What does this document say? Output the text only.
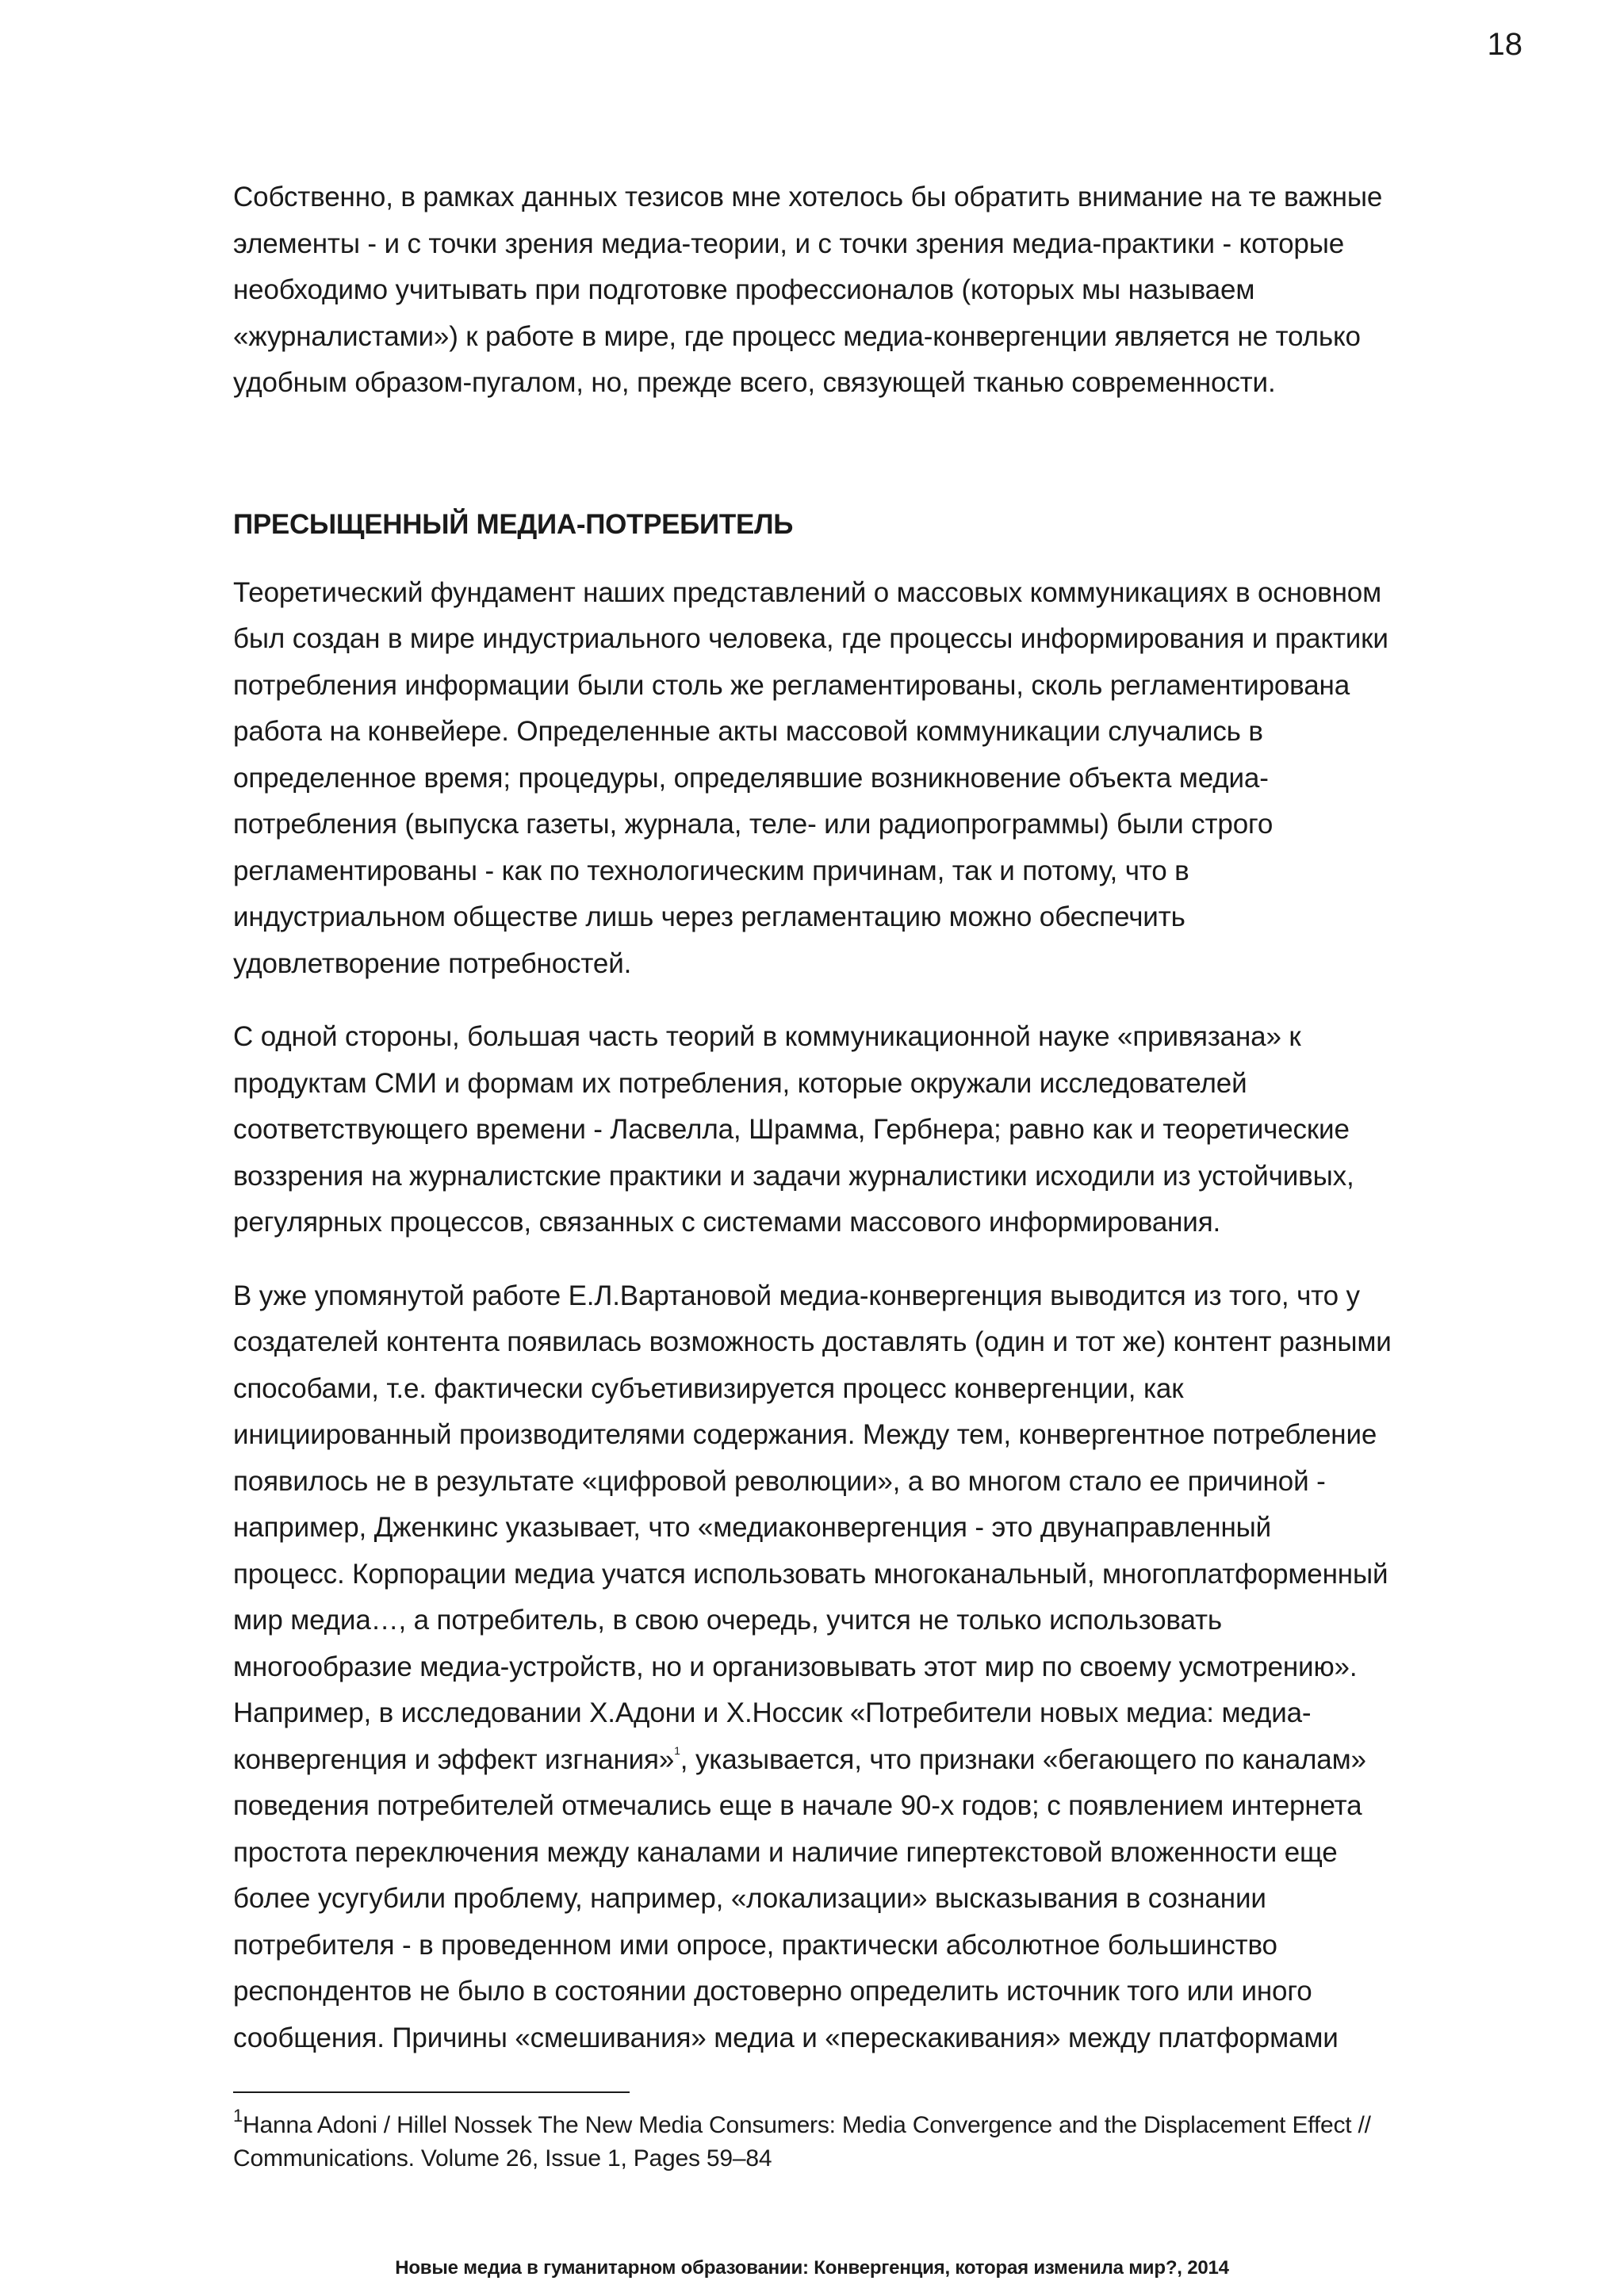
18

Собственно, в рамках данных тезисов мне хотелось бы обратить внимание на те важные
элементы - и с точки зрения медиа-теории, и с точки зрения медиа-практики - которые
необходимо учитывать при подготовке профессионалов (которых мы называем
«журналистами») к работе в мире, где процесс медиа-конвергенции является не только
удобным образом-пугалом, но, прежде всего, связующей тканью современности.

ПРЕСЫЩЕННЫЙ МЕДИА-ПОТРЕБИТЕЛЬ

Теоретический фундамент наших представлений о массовых коммуникациях в основном
был создан в мире индустриального человека, где процессы информирования и практики
потребления информации были столь же регламентированы, сколь регламентирована
работа на конвейере. Определенные акты массовой коммуникации случались в
определенное время; процедуры, определявшие возникновение объекта медиа-
потребления (выпуска газеты, журнала, теле- или радиопрограммы) были строго
регламентированы - как по технологическим причинам, так и потому, что в
индустриальном обществе лишь через регламентацию можно обеспечить
удовлетворение потребностей.

С одной стороны, большая часть теорий в коммуникационной науке «привязана» к
продуктам СМИ и формам их потребления, которые окружали исследователей
соответствующего времени - Ласвелла, Шрамма, Гербнера; равно как и теоретические
воззрения на журналистские практики и задачи журналистики исходили из устойчивых,
регулярных процессов, связанных с системами массового информирования.

В уже упомянутой работе Е.Л.Вартановой медиа-конвергенция выводится из того, что у
создателей контента появилась возможность доставлять (один и тот же) контент разными
способами, т.е. фактически субъетивизируется процесс конвергенции, как
инициированный производителями содержания. Между тем, конвергентное потребление
появилось не в результате «цифровой революции», а во многом стало ее причиной -
например, Дженкинс указывает, что «медиаконвергенция - это двунаправленный
процесс. Корпорации медиа учатся использовать многоканальный, многоплатформенный
мир медиа…, а потребитель, в свою очередь, учится не только использовать
многообразие медиа-устройств, но и организовывать этот мир по своему усмотрению».
Например, в исследовании Х.Адони и Х.Носсик «Потребители новых медиа: медиа-
конвергенция и эффект изгнания»$^1$, указывается, что признаки «бегающего по каналам»
поведения потребителей отмечались еще в начале 90-х годов; с появлением интернета
простота переключения между каналами и наличие гипертекстовой вложенности еще
более усугубили проблему, например, «локализации» высказывания в сознании
потребителя - в проведенном ими опросе, практически абсолютное большинство
респондентов не было в состоянии достоверно определить источник того или иного
сообщения. Причины «смешивания» медиа и «перескакивания» между платформами

$^1$Hanna Adoni / Hillel Nossek The New Media Consumers: Media Convergence and the Displacement Effect //
Communications. Volume 26, Issue 1, Pages 59–84
Новые медиа в гуманитарном образовании: Конвергенция, которая изменила мир?, 2014
